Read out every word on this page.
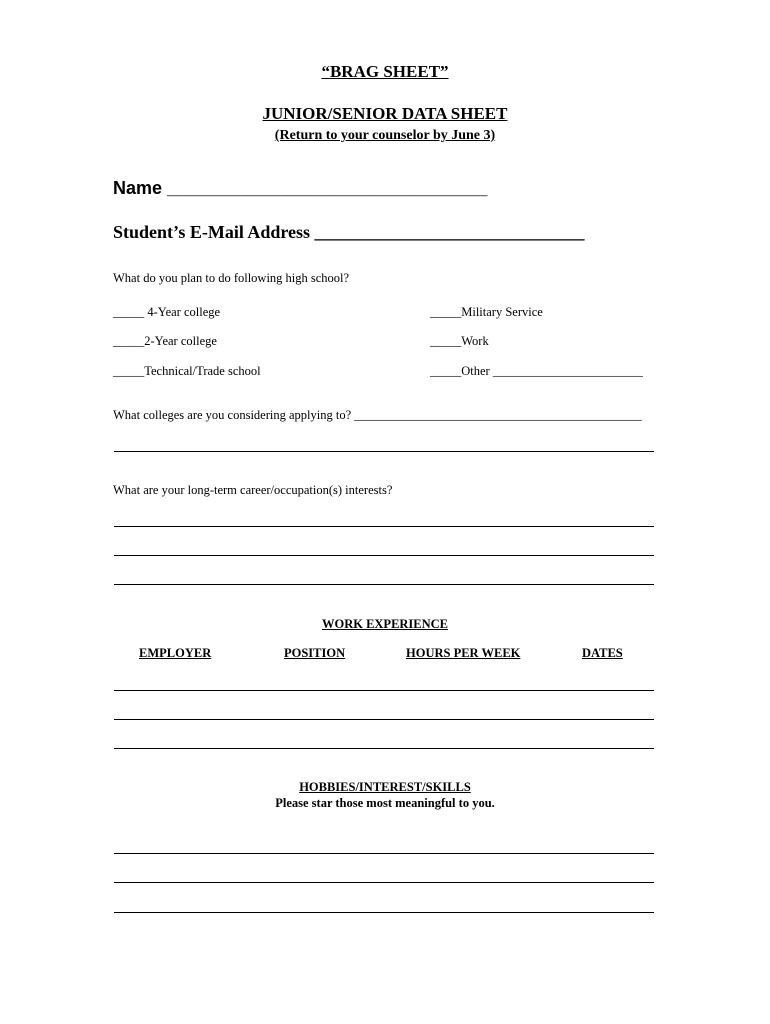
“BRAG SHEET”
JUNIOR/SENIOR DATA SHEET
(Return to your counselor by June 3)
Name ________________________________
Student’s E-Mail Address ______________________________
What do you plan to do following high school?
_____ 4-Year college
_____2-Year college
_____Technical/Trade school
_____Military Service
_____Work
_____Other ________________________
What colleges are you considering applying to? ______________________________________________
What are your long-term career/occupation(s) interests?
WORK EXPERIENCE
EMPLOYER	POSITION	HOURS PER WEEK	DATES
HOBBIES/INTEREST/SKILLS
Please star those most meaningful to you.
